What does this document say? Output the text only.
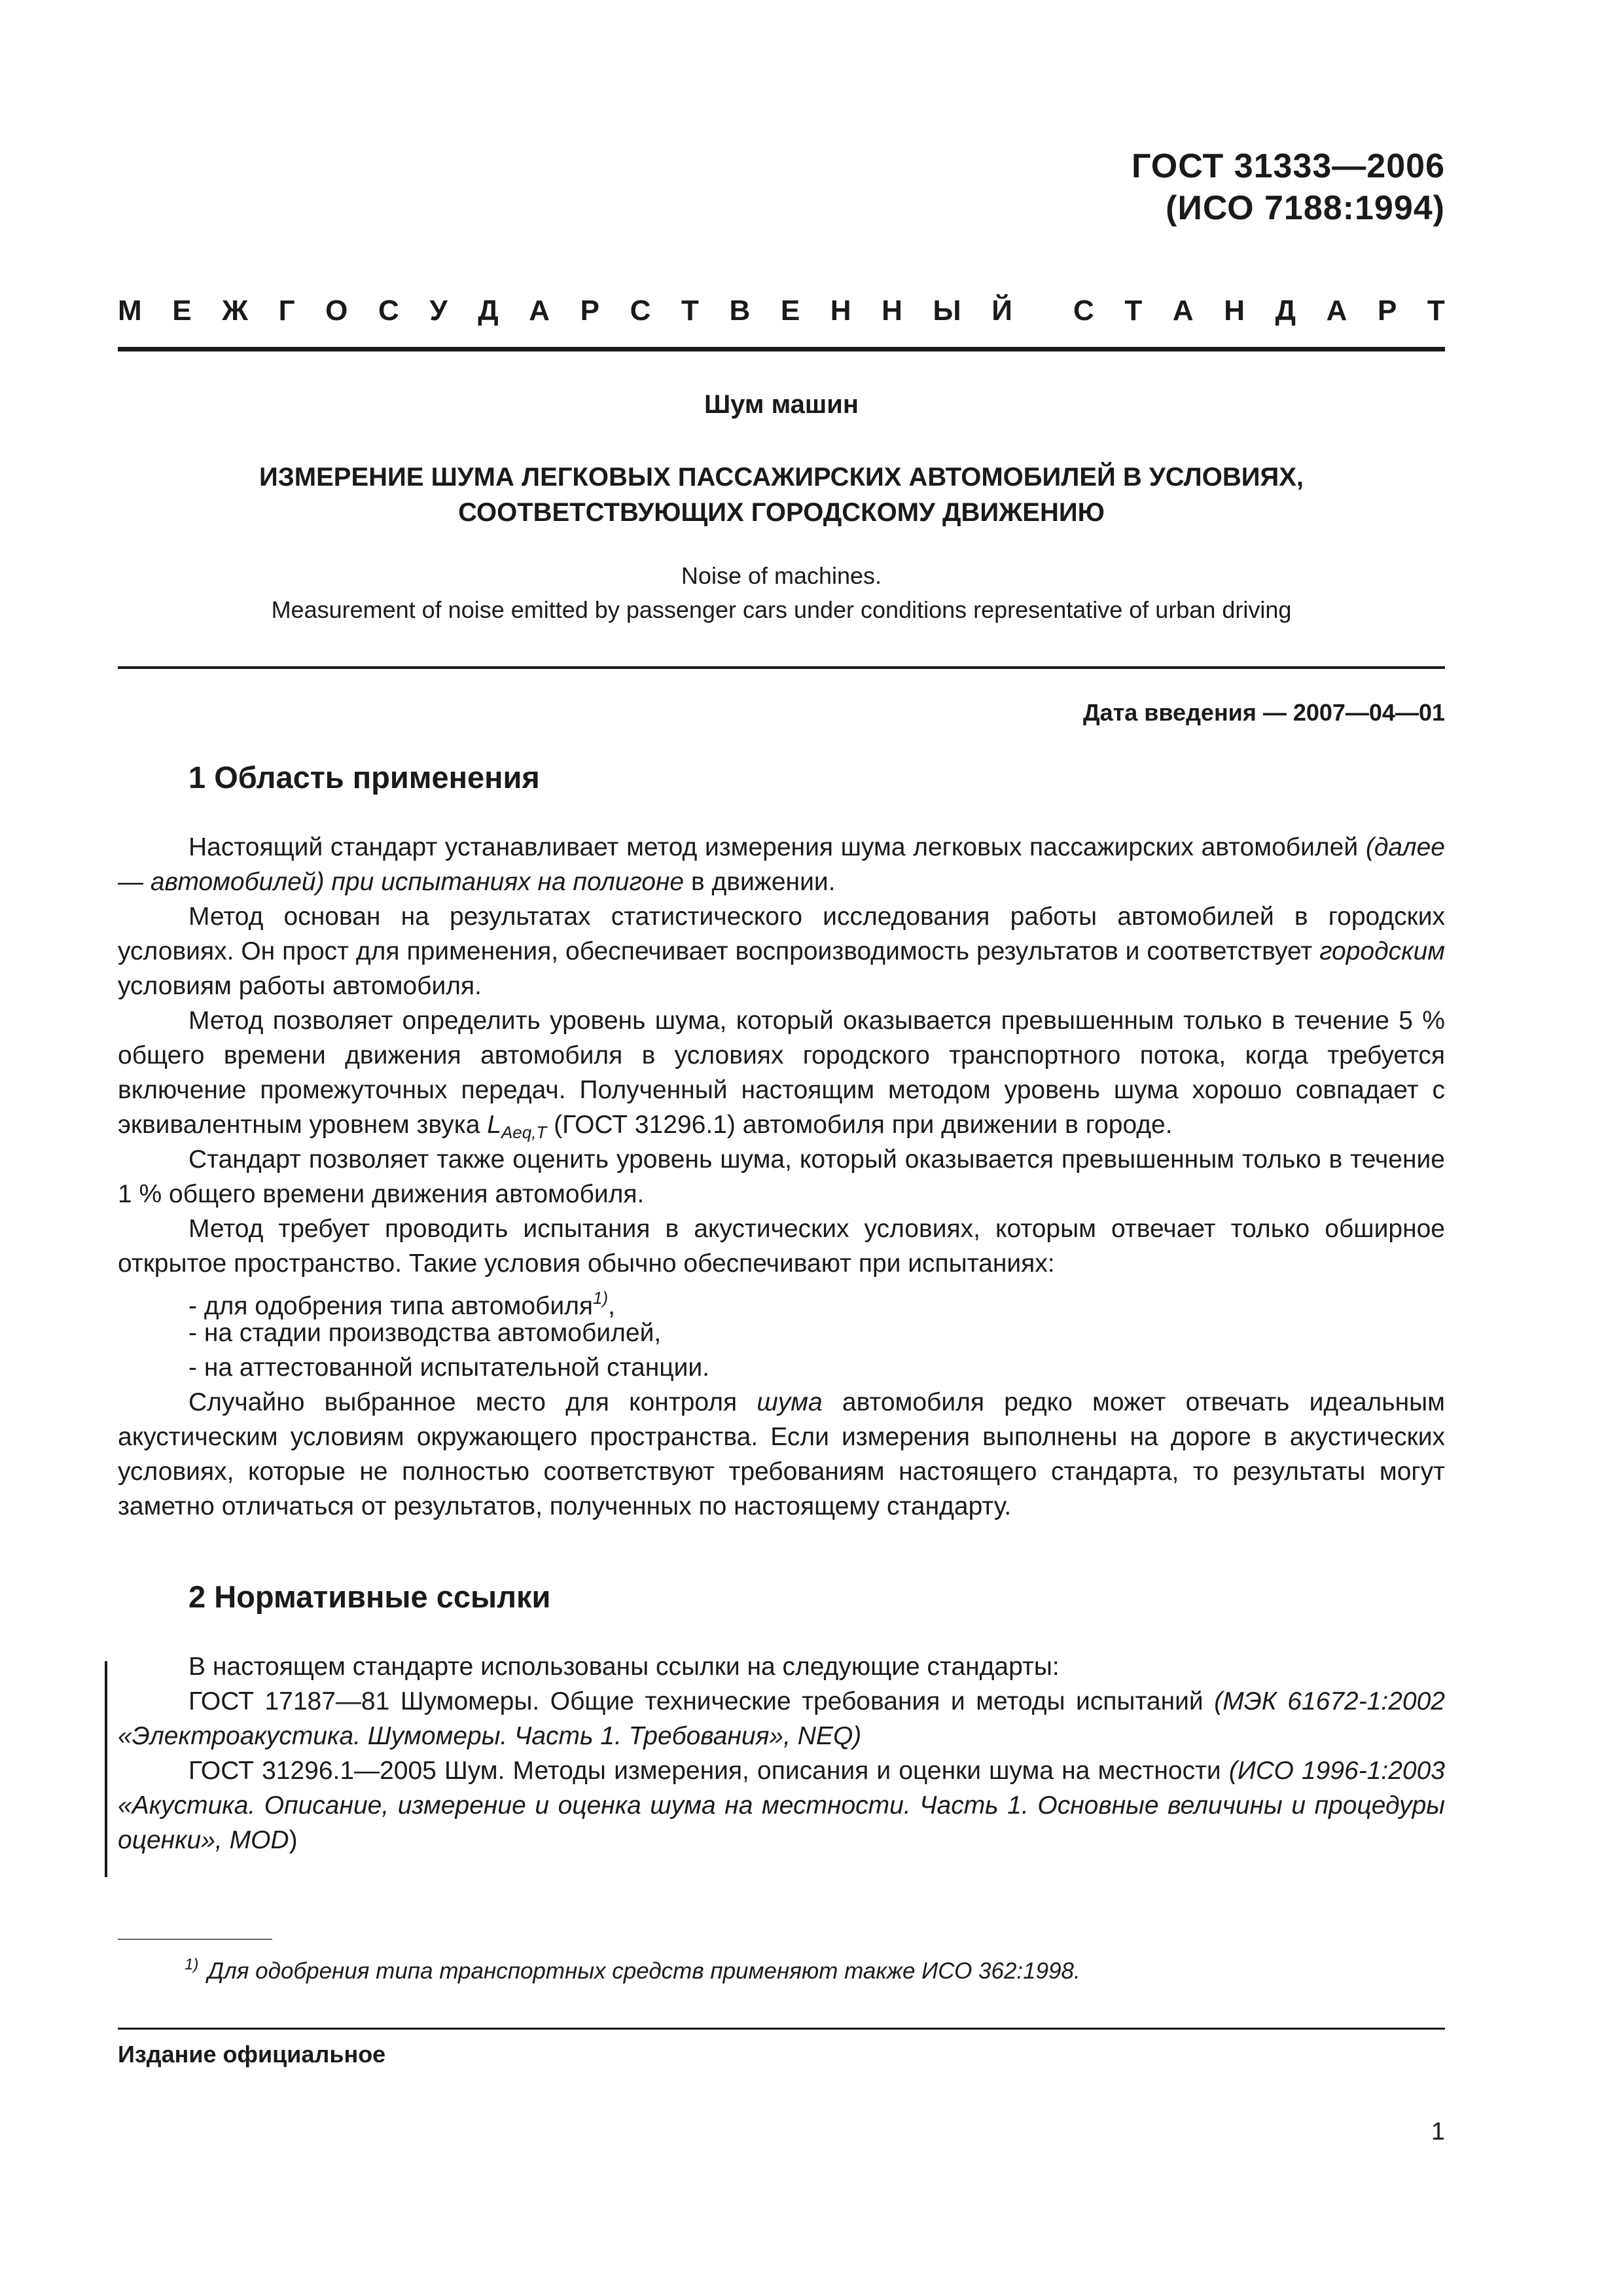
ГОСТ 31333—2006
(ИСО 7188:1994)
М Е Ж Г О С У Д А Р С Т В Е Н Н Ы Й С Т А Н Д А Р Т
Шум машин
ИЗМЕРЕНИЕ ШУМА ЛЕГКОВЫХ ПАССАЖИРСКИХ АВТОМОБИЛЕЙ В УСЛОВИЯХ,
СООТВЕТСТВУЮЩИХ ГОРОДСКОМУ ДВИЖЕНИЮ
Noise of machines.
Measurement of noise emitted by passenger cars under conditions representative of urban driving
Дата введения — 2007—04—01
1 Область применения

Настоящий стандарт устанавливает метод измерения шума легковых пассажирских автомобилей (далее — автомобилей) при испытаниях на полигоне в движении.

Метод основан на результатах статистического исследования работы автомобилей в городских условиях. Он прост для применения, обеспечивает воспроизводимость результатов и соответствует городским условиям работы автомобиля.

Метод позволяет определить уровень шума, который оказывается превышенным только в течение 5 % общего времени движения автомобиля в условиях городского транспортного потока, когда требуется включение промежуточных передач. Полученный настоящим методом уровень шума хорошо совпадает с эквивалентным уровнем звука $L_{Aeq,T}$ (ГОСТ 31296.1) автомобиля при движении в городе.

Стандарт позволяет также оценить уровень шума, который оказывается превышенным только в течение 1 % общего времени движения автомобиля.

Метод требует проводить испытания в акустических условиях, которым отвечает только обширное открытое пространство. Такие условия обычно обеспечивают при испытаниях:

- для одобрения типа автомобиля$^{1)}$,

- на стадии производства автомобилей,

- на аттестованной испытательной станции.

Случайно выбранное место для контроля шума автомобиля редко может отвечать идеальным акустическим условиям окружающего пространства. Если измерения выполнены на дороге в акустических условиях, которые не полностью соответствуют требованиям настоящего стандарта, то результаты могут заметно отличаться от результатов, полученных по настоящему стандарту.

2 Нормативные ссылки

В настоящем стандарте использованы ссылки на следующие стандарты:

ГОСТ 17187—81 Шумомеры. Общие технические требования и методы испытаний (МЭК 61672-1:2002 «Электроакустика. Шумомеры. Часть 1. Требования», NEQ)

ГОСТ 31296.1—2005 Шум. Методы измерения, описания и оценки шума на местности (ИСО 1996-1:2003 «Акустика. Описание, измерение и оценка шума на местности. Часть 1. Основные величины и процедуры оценки», MOD)

$^{1)}$ Для одобрения типа транспортных средств применяют также ИСО 362:1998.
Издание официальное
1
